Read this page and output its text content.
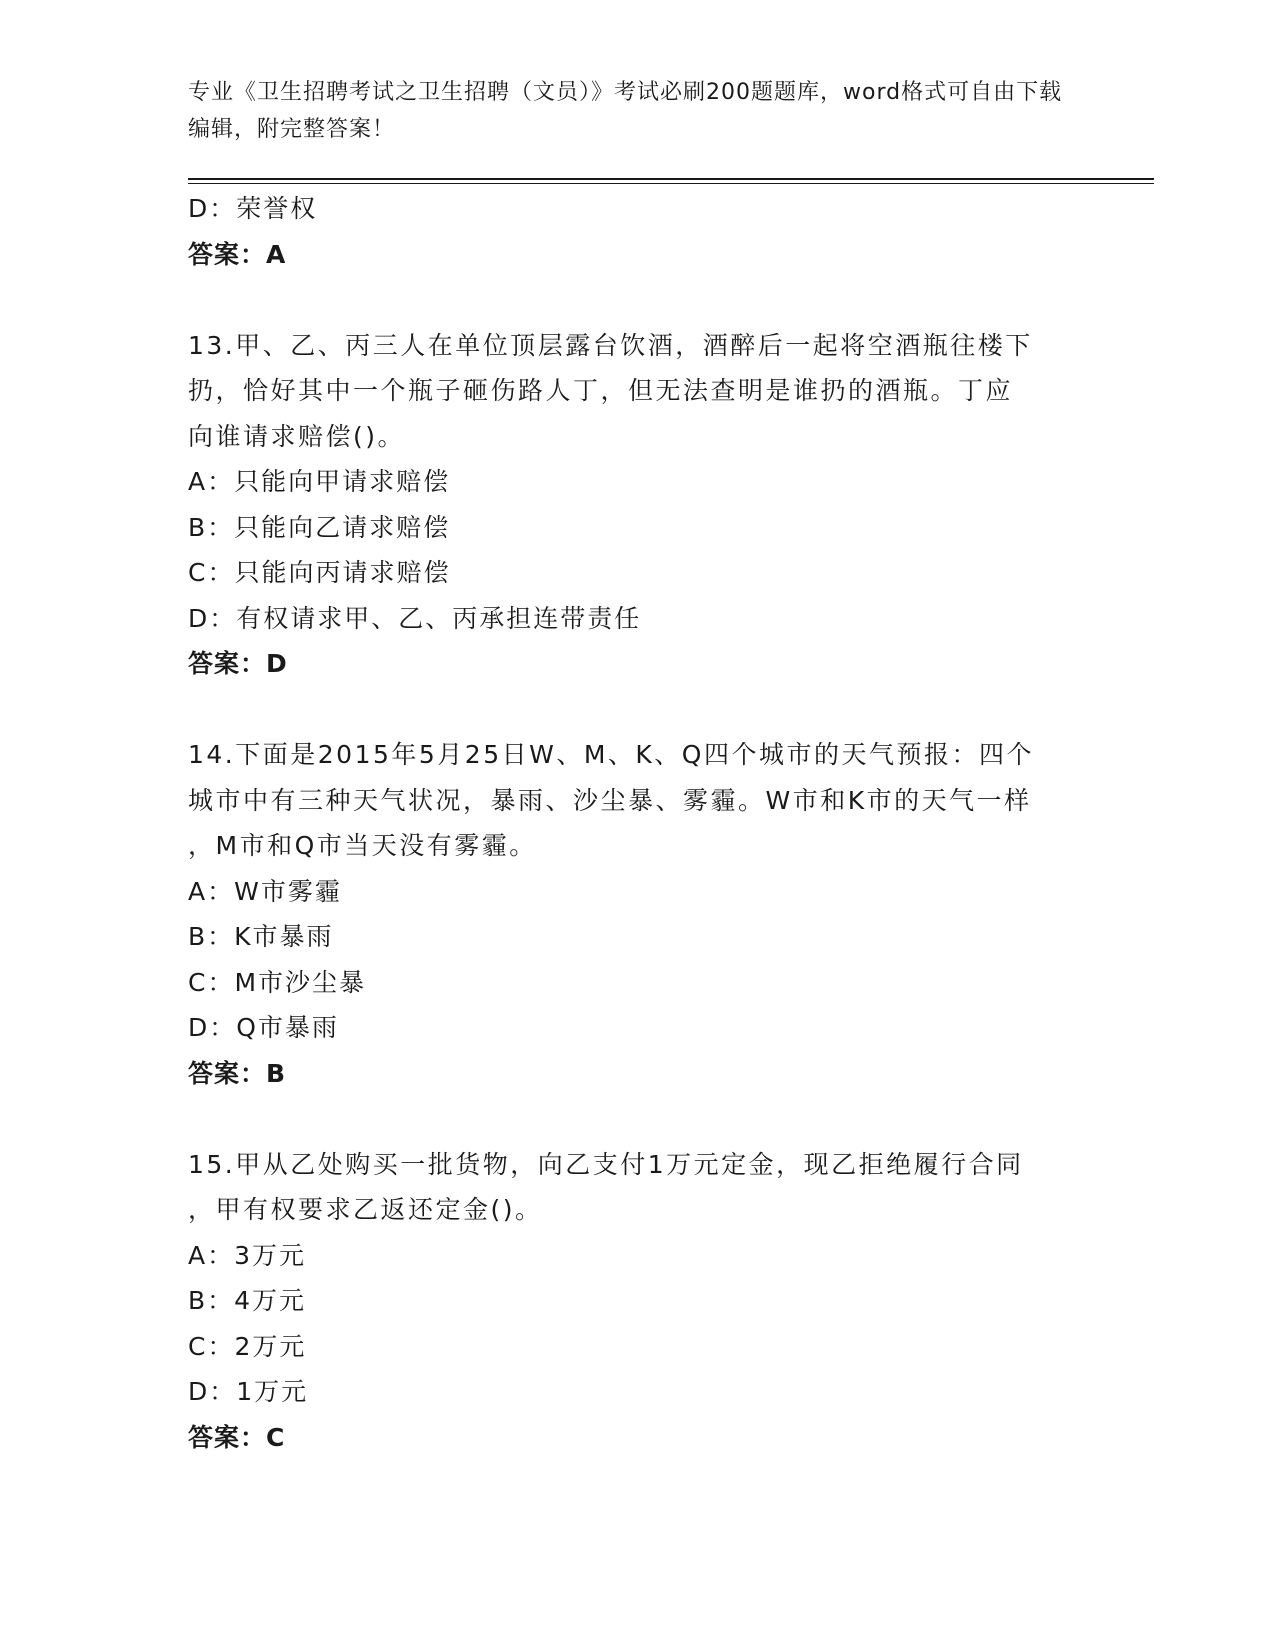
专业《卫生招聘考试之卫生招聘（文员）》考试必刷200题题库，word格式可自由下载编辑，附完整答案！
D：荣誉权
答案：A
13.甲、乙、丙三人在单位顶层露台饮酒，酒醉后一起将空酒瓶往楼下
扔，恰好其中一个瓶子砸伤路人丁，但无法查明是谁扔的酒瓶。丁应
向谁请求赔偿()。
A：只能向甲请求赔偿
B：只能向乙请求赔偿
C：只能向丙请求赔偿
D：有权请求甲、乙、丙承担连带责任
答案：D
14.下面是2015年5月25日W、M、K、Q四个城市的天气预报：四个
城市中有三种天气状况，暴雨、沙尘暴、雾霾。W市和K市的天气一样
，M市和Q市当天没有雾霾。
A：W市雾霾
B：K市暴雨
C：M市沙尘暴
D：Q市暴雨
答案：B
15.甲从乙处购买一批货物，向乙支付1万元定金，现乙拒绝履行合同
，甲有权要求乙返还定金()。
A：3万元
B：4万元
C：2万元
D：1万元
答案：C
